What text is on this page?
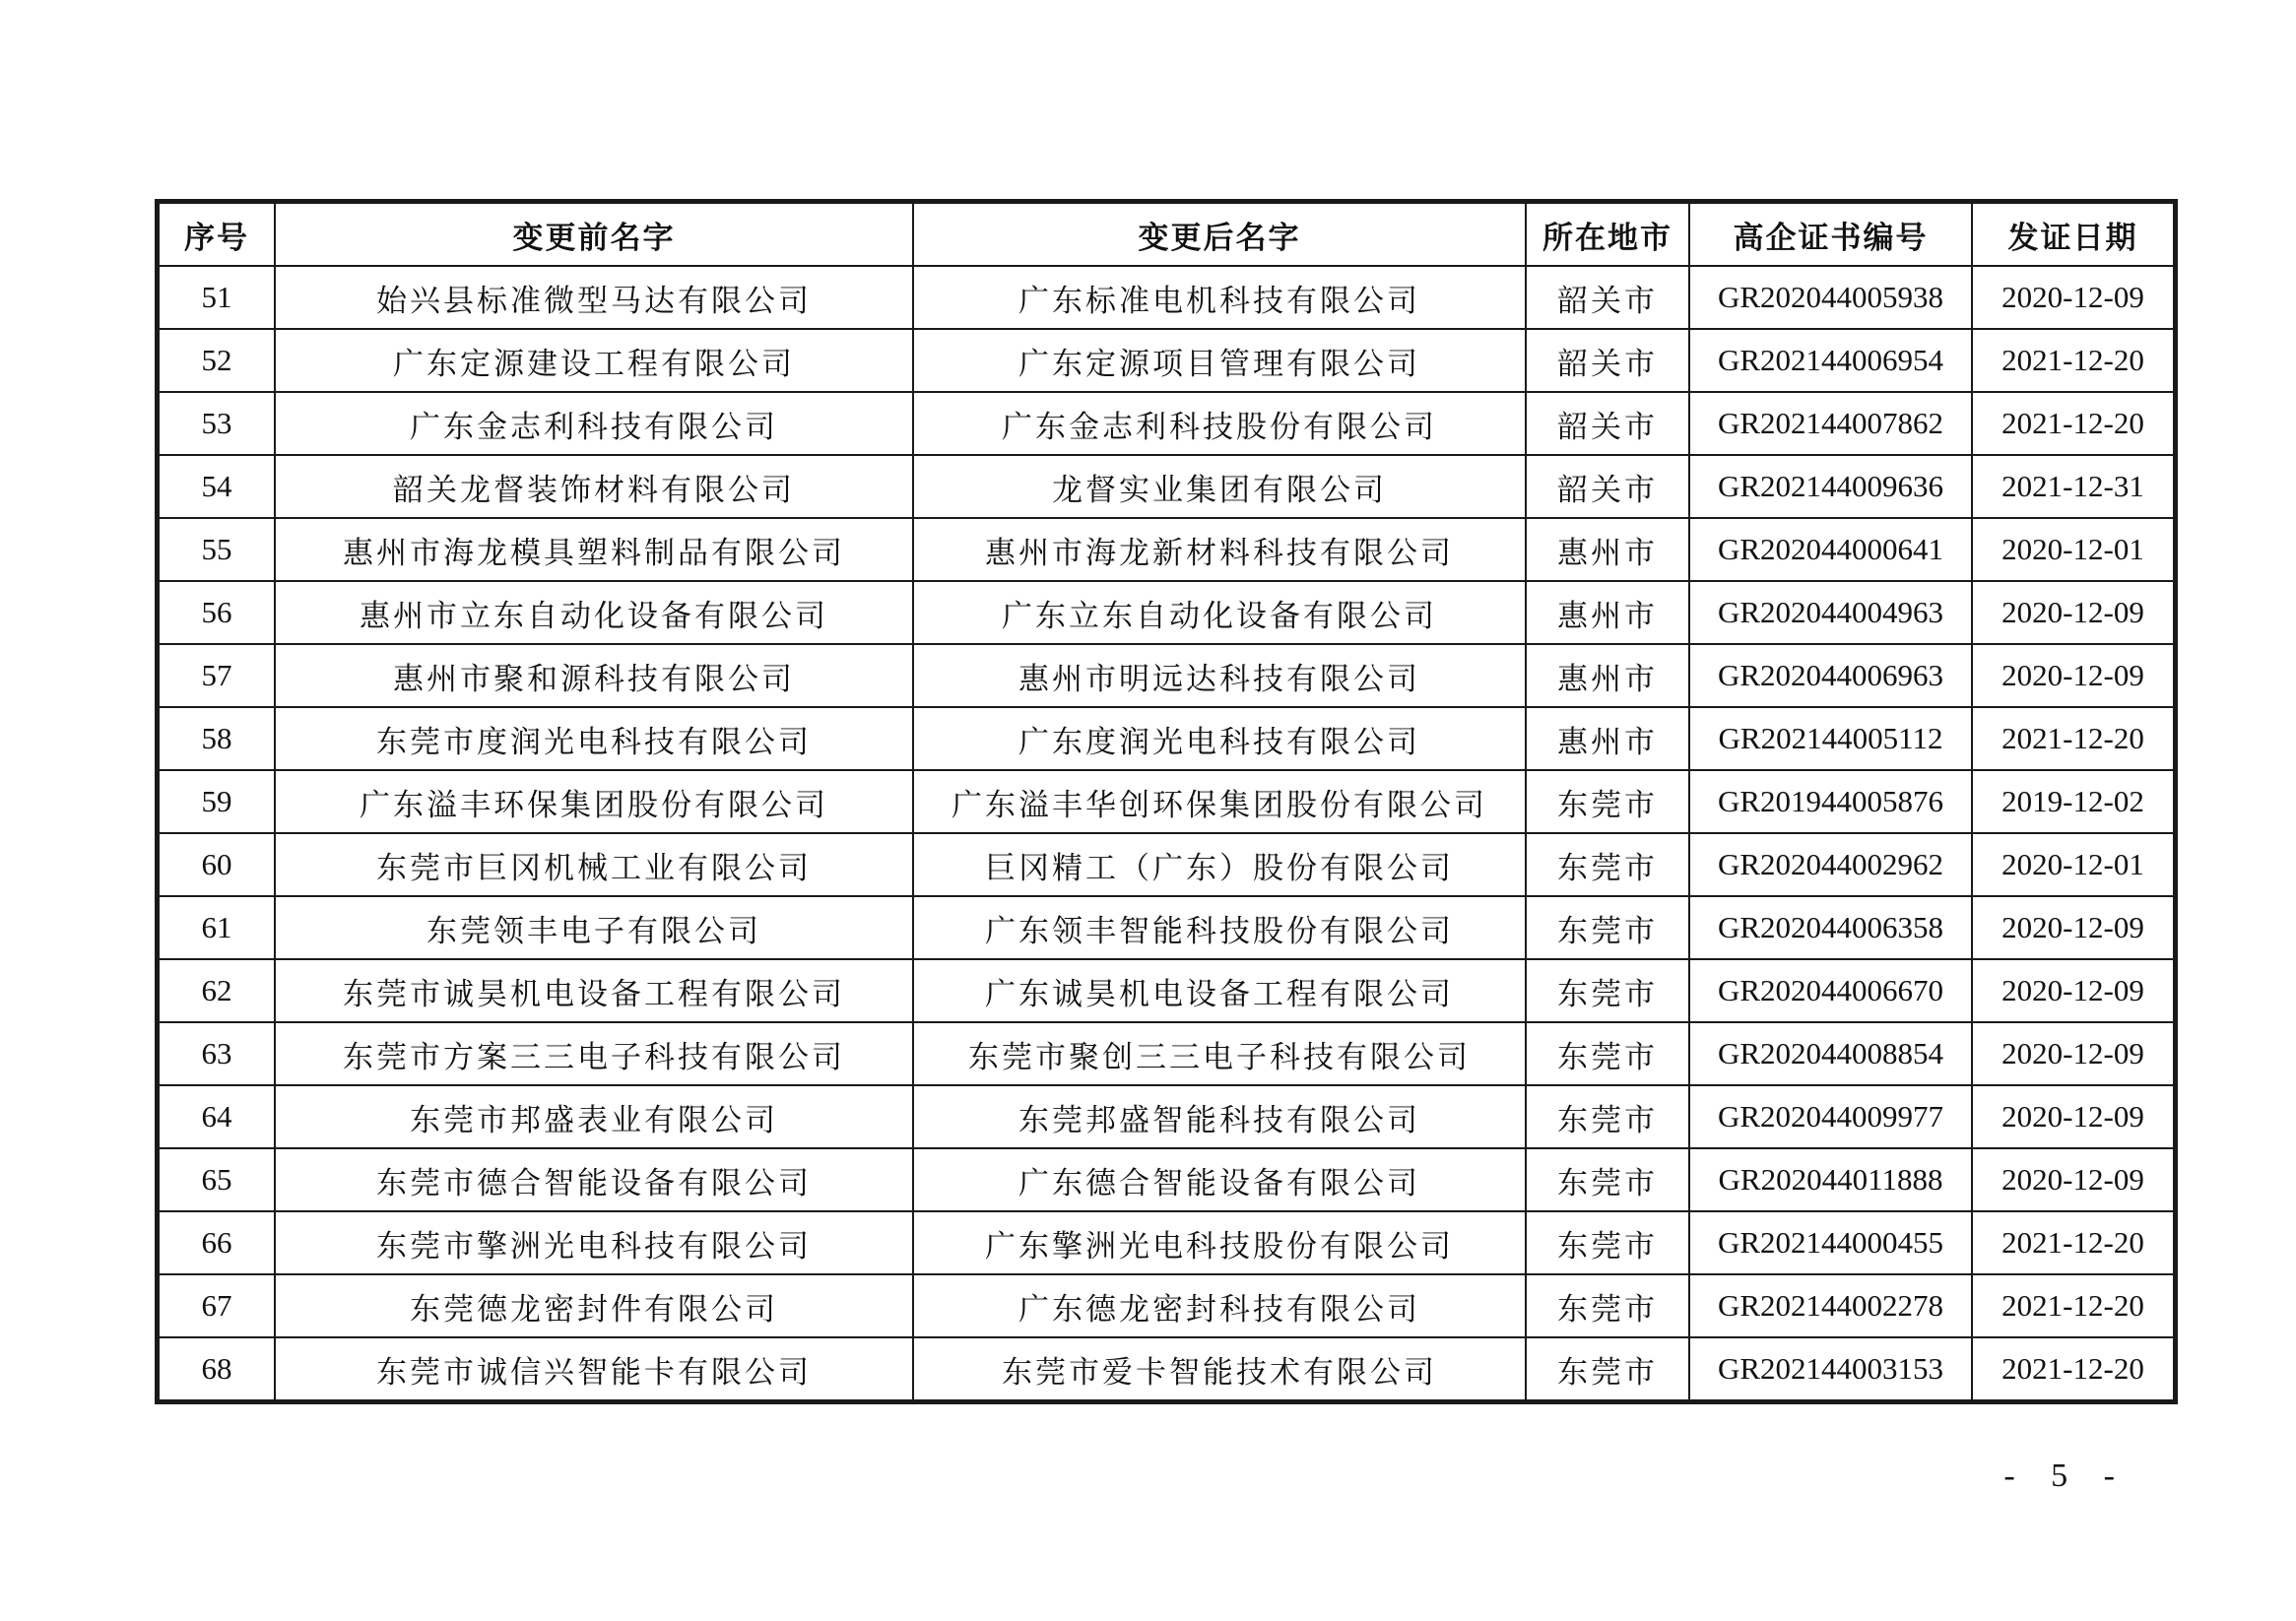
序号	变更前名字	变更后名字	所在地市	高企证书编号	发证日期
51	始兴县标准微型马达有限公司	广东标准电机科技有限公司	韶关市	GR202044005938	2020-12-09
52	广东定源建设工程有限公司	广东定源项目管理有限公司	韶关市	GR202144006954	2021-12-20
53	广东金志利科技有限公司	广东金志利科技股份有限公司	韶关市	GR202144007862	2021-12-20
54	韶关龙督装饰材料有限公司	龙督实业集团有限公司	韶关市	GR202144009636	2021-12-31
55	惠州市海龙模具塑料制品有限公司	惠州市海龙新材料科技有限公司	惠州市	GR202044000641	2020-12-01
56	惠州市立东自动化设备有限公司	广东立东自动化设备有限公司	惠州市	GR202044004963	2020-12-09
57	惠州市聚和源科技有限公司	惠州市明远达科技有限公司	惠州市	GR202044006963	2020-12-09
58	东莞市度润光电科技有限公司	广东度润光电科技有限公司	惠州市	GR202144005112	2021-12-20
59	广东溢丰环保集团股份有限公司	广东溢丰华创环保集团股份有限公司	东莞市	GR201944005876	2019-12-02
60	东莞市巨冈机械工业有限公司	巨冈精工（广东）股份有限公司	东莞市	GR202044002962	2020-12-01
61	东莞领丰电子有限公司	广东领丰智能科技股份有限公司	东莞市	GR202044006358	2020-12-09
62	东莞市诚昊机电设备工程有限公司	广东诚昊机电设备工程有限公司	东莞市	GR202044006670	2020-12-09
63	东莞市方案三三电子科技有限公司	东莞市聚创三三电子科技有限公司	东莞市	GR202044008854	2020-12-09
64	东莞市邦盛表业有限公司	东莞邦盛智能科技有限公司	东莞市	GR202044009977	2020-12-09
65	东莞市德合智能设备有限公司	广东德合智能设备有限公司	东莞市	GR202044011888	2020-12-09
66	东莞市擎洲光电科技有限公司	广东擎洲光电科技股份有限公司	东莞市	GR202144000455	2021-12-20
67	东莞德龙密封件有限公司	广东德龙密封科技有限公司	东莞市	GR202144002278	2021-12-20
68	东莞市诚信兴智能卡有限公司	东莞市爱卡智能技术有限公司	东莞市	GR202144003153	2021-12-20
- 5 -
